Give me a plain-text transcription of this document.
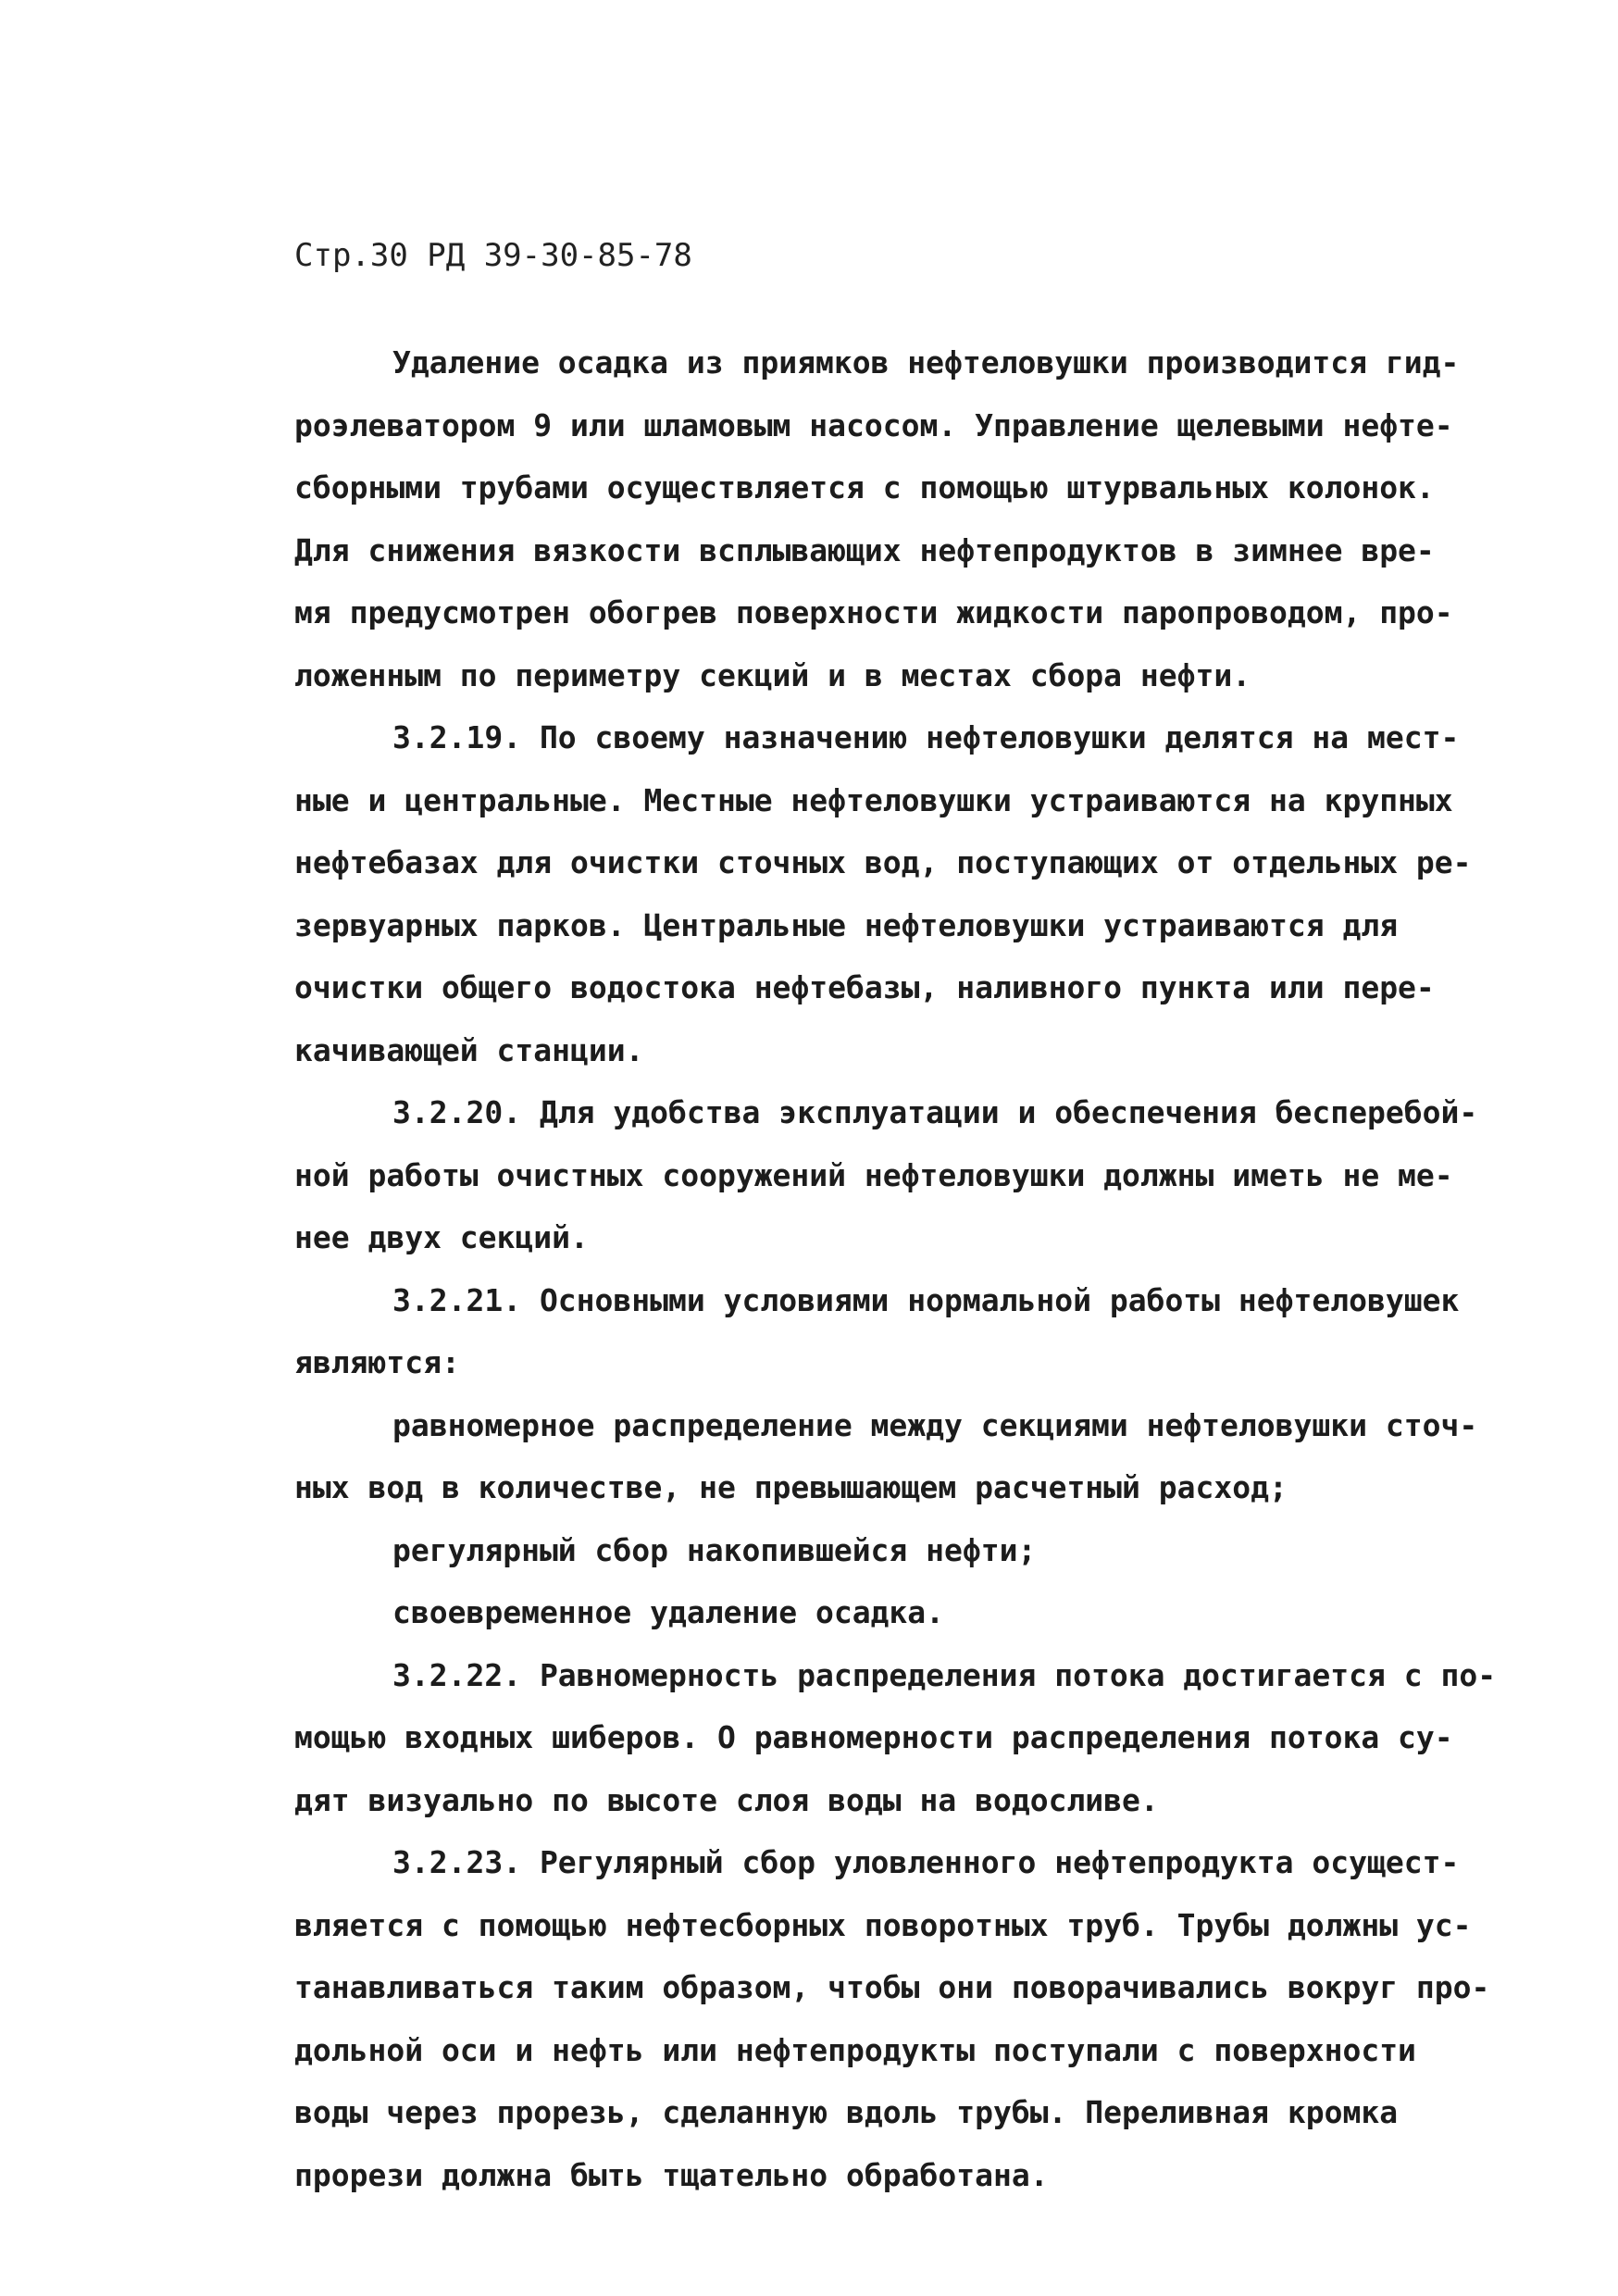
Стр.30 РД 39-30-85-78
Удаление осадка из приямков нефтеловушки производится гид-
роэлеватором 9 или шламовым насосом. Управление щелевыми нефте-
сборными трубами осуществляется с помощью штурвальных колонок.
Для снижения вязкости всплывающих нефтепродуктов в зимнее вре-
мя предусмотрен обогрев поверхности жидкости паропроводом, про-
ложенным по периметру секций и в местах сбора нефти.
3.2.19. По своему назначению нефтеловушки делятся на мест-
ные и центральные. Местные нефтеловушки устраиваются на крупных
нефтебазах для очистки сточных вод, поступающих от отдельных ре-
зервуарных парков. Центральные нефтеловушки устраиваются для
очистки общего водостока нефтебазы, наливного пункта или пере-
качивающей станции.
3.2.20. Для удобства эксплуатации и обеспечения бесперебой-
ной работы очистных сооружений нефтеловушки должны иметь не ме-
нее двух секций.
3.2.21. Основными условиями нормальной работы нефтеловушек
являются:
равномерное распределение между секциями нефтеловушки сточ-
ных вод в количестве, не превышающем расчетный расход;
регулярный сбор накопившейся нефти;
своевременное удаление осадка.
3.2.22. Равномерность распределения потока достигается с по-
мощью входных шиберов. О равномерности распределения потока су-
дят визуально по высоте слоя воды на водосливе.
3.2.23. Регулярный сбор уловленного нефтепродукта осущест-
вляется с помощью нефтесборных поворотных труб. Трубы должны ус-
танавливаться таким образом, чтобы они поворачивались вокруг про-
дольной оси и нефть или нефтепродукты поступали с поверхности
воды через прорезь, сделанную вдоль трубы. Переливная кромка
прорези должна быть тщательно обработана.
